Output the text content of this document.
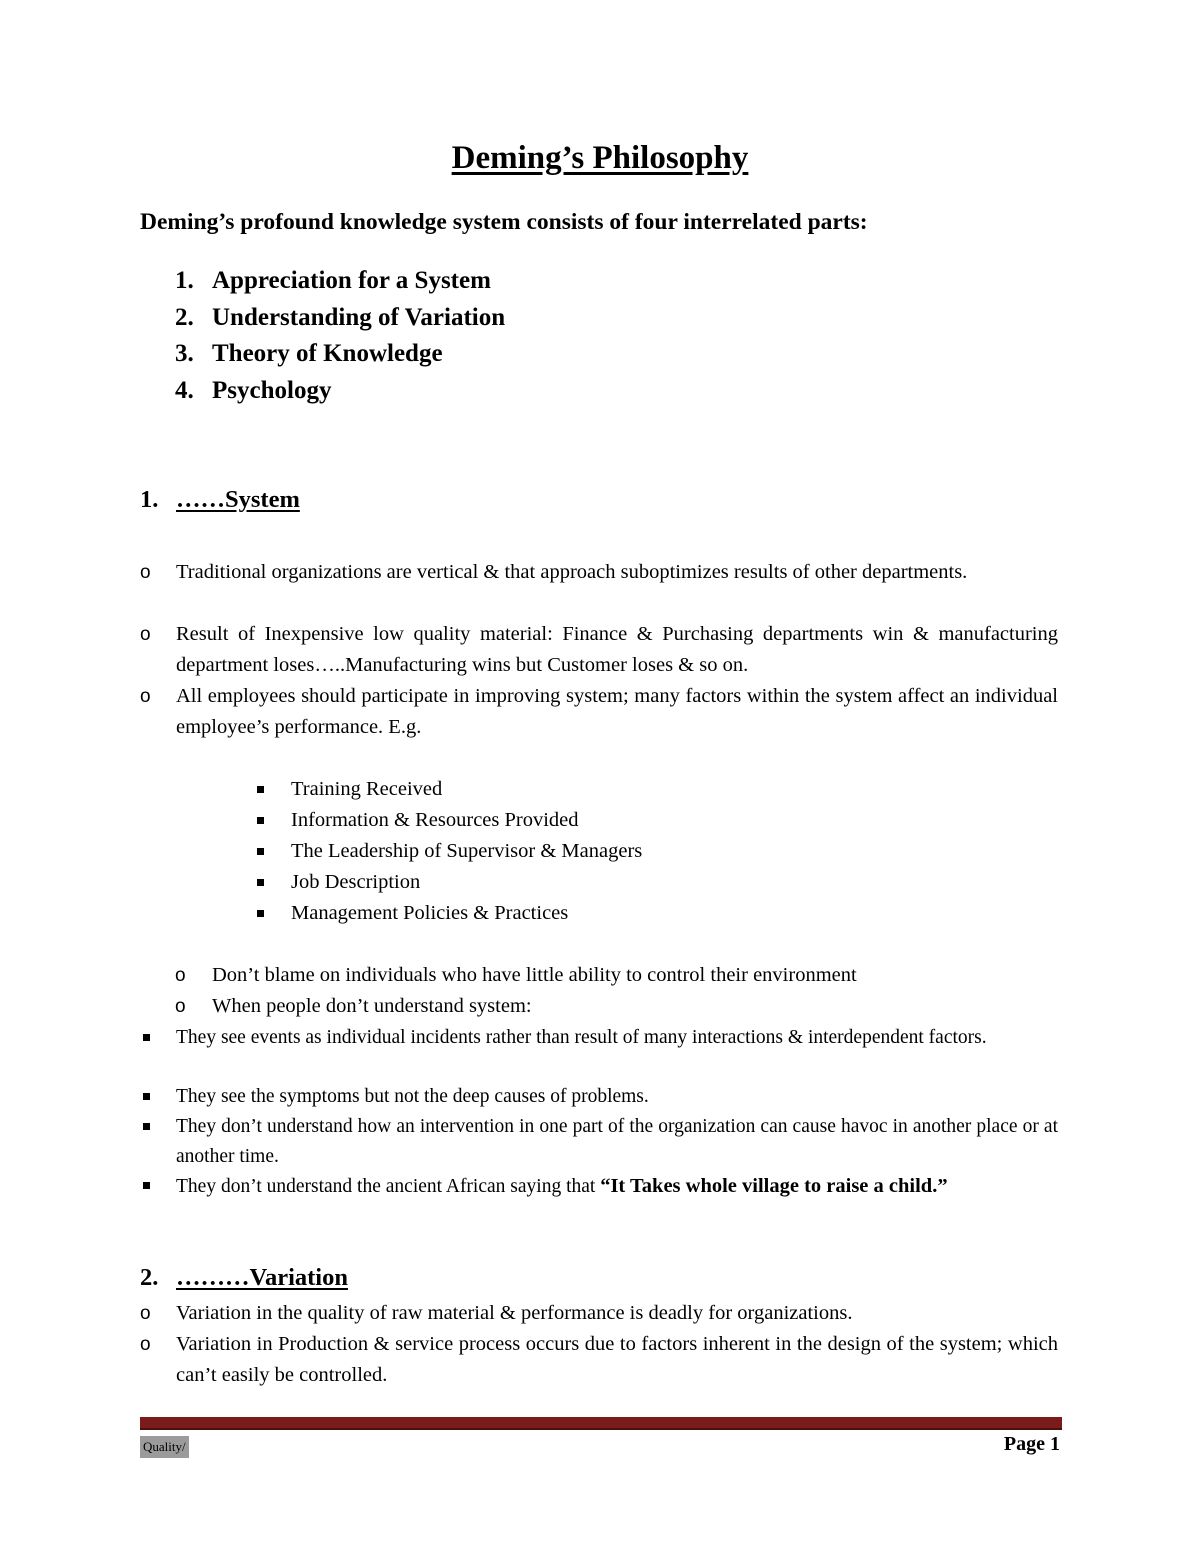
Deming’s Philosophy
Deming’s profound knowledge system consists of four interrelated parts:
1. Appreciation for a System
2. Understanding of Variation
3. Theory of Knowledge
4. Psychology
1. ……System
o Traditional organizations are vertical & that approach suboptimizes results of other departments.
o Result of Inexpensive low quality material: Finance & Purchasing departments win & manufacturing department loses…..Manufacturing wins but Customer loses & so on.
o All employees should participate in improving system; many factors within the system affect an individual employee’s performance. E.g.
Training Received
Information & Resources Provided
The Leadership of Supervisor & Managers
Job Description
Management Policies & Practices
o Don’t blame on individuals who have little ability to control their environment
o When people don’t understand system:
They see events as individual incidents rather than result of many interactions & interdependent factors.
They see the symptoms but not the deep causes of problems.
They don’t understand how an intervention in one part of the organization can cause havoc in another place or at another time.
They don’t understand the ancient African saying that “It Takes whole village to raise a child.”
2. ………Variation
o Variation in the quality of raw material & performance is deadly for organizations.
o Variation in Production & service process occurs due to factors inherent in the design of the system; which can’t easily be controlled.
Quality/	Page 1
